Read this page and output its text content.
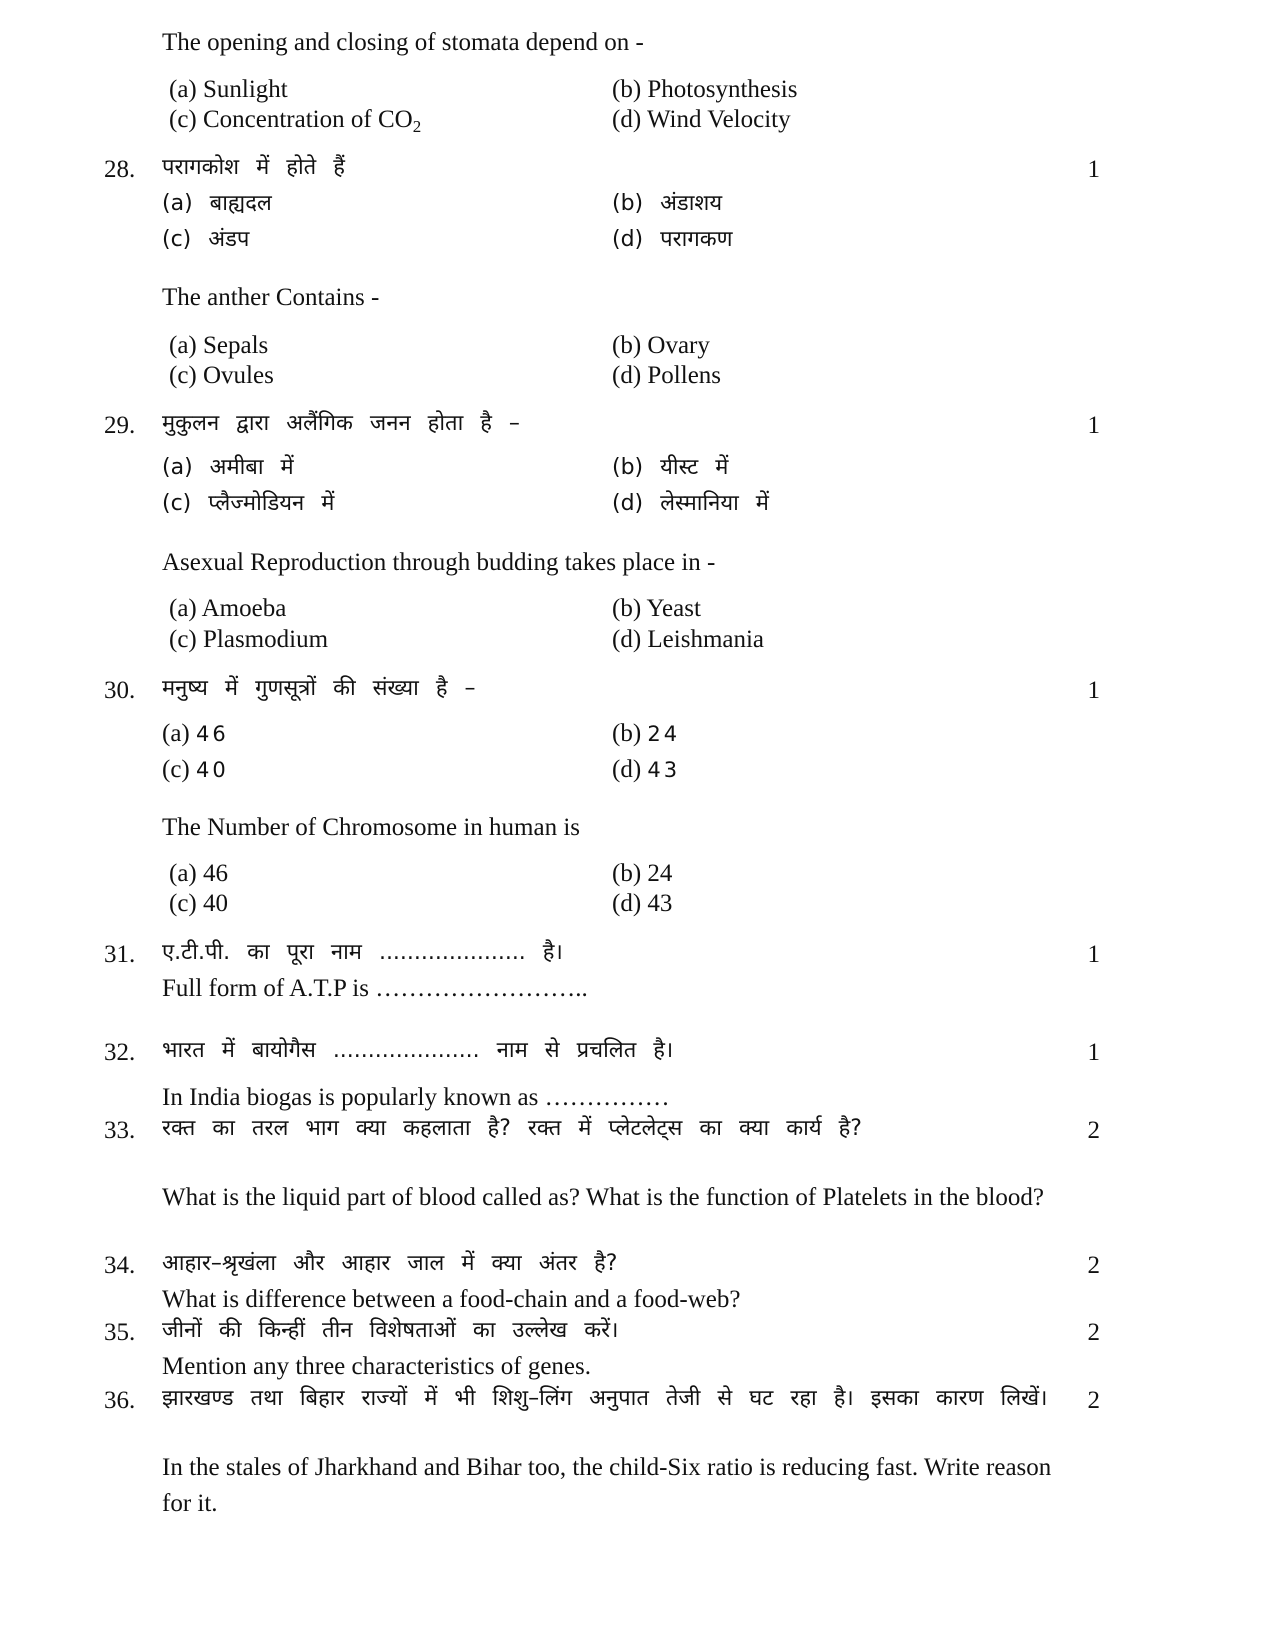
The opening and closing of stomata depend on -
(a) Sunlight	(b) Photosynthesis
(c) Concentration of $CO_2$	(d) Wind Velocity
28. परागकोश में होते हैं	1
(a) बाह्यदल	(b) अंडाशय
(c) अंडप	(d) परागकण
The anther Contains -
(a) Sepals	(b) Ovary
(c) Ovules	(d) Pollens
29. मुकुलन द्वारा अलैंगिक जनन होता है –	1
(a) अमीबा में	(b) यीस्ट में
(c) प्लैज्मोडियन में	(d) लेस्मानिया में
Asexual Reproduction through budding takes place in -
(a) Amoeba	(b) Yeast
(c) Plasmodium	(d) Leishmania
30. मनुष्य में गुणसूत्रों की संख्या है –	1
(a) 46	(b) 24
(c) 40	(d) 43
The Number of Chromosome in human is
(a) 46	(b) 24
(c) 40	(d) 43
31. ए.टी.पी. का पूरा नाम ..................... है।	1
Full form of A.T.P is ……………………..
32. भारत में बायोगैस ..................... नाम से प्रचलित है।	1
In India biogas is popularly known as ……………
33. रक्त का तरल भाग क्या कहलाता है? रक्त में प्लेटलेट्स का क्या कार्य है?	2
What is the liquid part of blood called as? What is the function of Platelets in the blood?
34. आहार–श्रृखंला और आहार जाल में क्या अंतर है?	2
What is difference between a food-chain and a food-web?
35. जीनों की किन्हीं तीन विशेषताओं का उल्लेख करें।	2
Mention any three characteristics of genes.
36. झारखण्ड तथा बिहार राज्यों में भी शिशु–लिंग अनुपात तेजी से घट रहा है। इसका कारण लिखें।	2
In the stales of Jharkhand and Bihar too, the child-Six ratio is reducing fast. Write reason for it.
